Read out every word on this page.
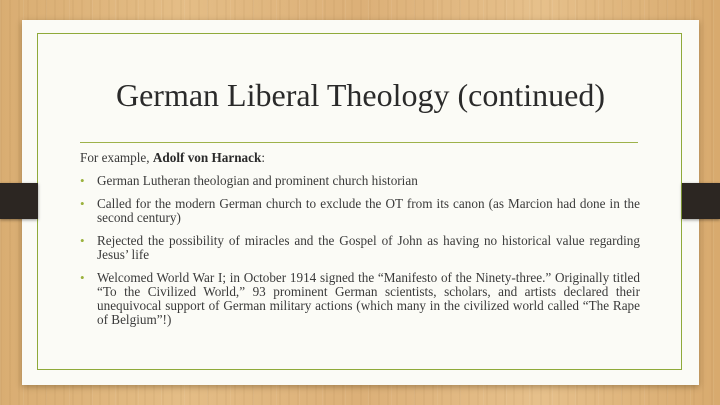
German Liberal Theology (continued)

For example, Adolf von Harnack:

• German Lutheran theologian and prominent church historian
• Called for the modern German church to exclude the OT from its canon (as Marcion had done in the second century)
• Rejected the possibility of miracles and the Gospel of John as having no historical value regarding Jesus’ life
• Welcomed World War I; in October 1914 signed the “Manifesto of the Ninety-three.” Originally titled “To the Civilized World,” 93 prominent German scientists, scholars, and artists declared their unequivocal support of German military actions (which many in the civilized world called “The Rape of Belgium”!)
